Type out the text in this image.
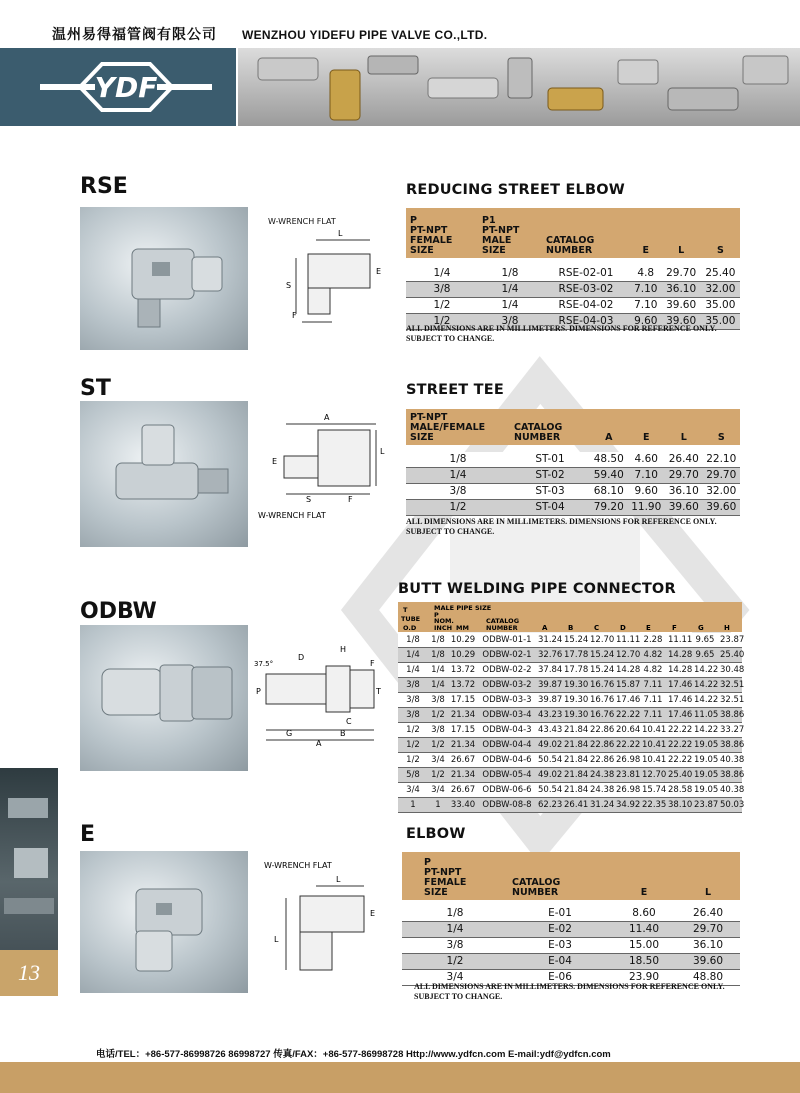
温州易得福管阀有限公司 WENZHOU YIDEFU PIPE VALVE CO.,LTD.
YDF
RSE
W-WRENCH FLAT
L
S
E
F
REDUCING STREET ELBOW
P
PT-NPT
FEMALE
SIZE	P1
PT-NPT
MALE
SIZE	CATALOG
NUMBER	E	L	S

1/4	1/8	RSE-02-01	4.8	29.70	25.40
3/8	1/4	RSE-03-02	7.10	36.10	32.00
1/2	1/4	RSE-04-02	7.10	39.60	35.00
1/2	3/8	RSE-04-03	9.60	39.60	35.00
ALL DIMENSIONS ARE IN MILLIMETERS. DIMENSIONS FOR REFERENCE ONLY.
SUBJECT TO CHANGE.
ST
A
L
E
S	F
W-WRENCH FLAT
STREET TEE
PT-NPT
MALE/FEMALE
SIZE	CATALOG
NUMBER	A	E	L	S

1/8	ST-01	48.50	4.60	26.40	22.10
1/4	ST-02	59.40	7.10	29.70	29.70
3/8	ST-03	68.10	9.60	36.10	32.00
1/2	ST-04	79.20	11.90	39.60	39.60
ALL DIMENSIONS ARE IN MILLIMETERS. DIMENSIONS FOR REFERENCE ONLY.
SUBJECT TO CHANGE.
ODBW
37.5°
D
H
F
P	T
C
B
G
A
BUTT WELDING PIPE CONNECTOR
MALE PIPE SIZE
T TUBE O.D
P NOM. INCH MM
CATALOG NUMBER	A	B	C	D	E	F	G	H
1/8	1/8	10.29	ODBW-01-1	31.24	15.24	12.70	11.11	2.28	11.11	9.65	23.87
1/4	1/8	10.29	ODBW-02-1	32.76	17.78	15.24	12.70	4.82	14.28	9.65	25.40
1/4	1/4	13.72	ODBW-02-2	37.84	17.78	15.24	14.28	4.82	14.28	14.22	30.48
3/8	1/4	13.72	ODBW-03-2	39.87	19.30	16.76	15.87	7.11	17.46	14.22	32.51
3/8	3/8	17.15	ODBW-03-3	39.87	19.30	16.76	17.46	7.11	17.46	14.22	32.51
3/8	1/2	21.34	ODBW-03-4	43.23	19.30	16.76	22.22	7.11	17.46	11.05	38.86
1/2	3/8	17.15	ODBW-04-3	43.43	21.84	22.86	20.64	10.41	22.22	14.22	33.27
1/2	1/2	21.34	ODBW-04-4	49.02	21.84	22.86	22.22	10.41	22.22	19.05	38.86
1/2	3/4	26.67	ODBW-04-6	50.54	21.84	22.86	26.98	10.41	22.22	19.05	40.38
5/8	1/2	21.34	ODBW-05-4	49.02	21.84	24.38	23.81	12.70	25.40	19.05	38.86
3/4	3/4	26.67	ODBW-06-6	50.54	21.84	24.38	26.98	15.74	28.58	19.05	40.38
1	1	33.40	ODBW-08-8	62.23	26.41	31.24	34.92	22.35	38.10	23.87	50.03
E
W-WRENCH FLAT
L
E
L
ELBOW
P
PT-NPT
FEMALE
SIZE	CATALOG
NUMBER	E	L

1/8	E-01	8.60	26.40
1/4	E-02	11.40	29.70
3/8	E-03	15.00	36.10
1/2	E-04	18.50	39.60
3/4	E-06	23.90	48.80
ALL DIMENSIONS ARE IN MILLIMETERS. DIMENSIONS FOR REFERENCE ONLY.
SUBJECT TO CHANGE.
13
电话/TEL：+86-577-86998726 86998727 传真/FAX：+86-577-86998728 Http://www.ydfcn.com E-mail:ydf@ydfcn.com
